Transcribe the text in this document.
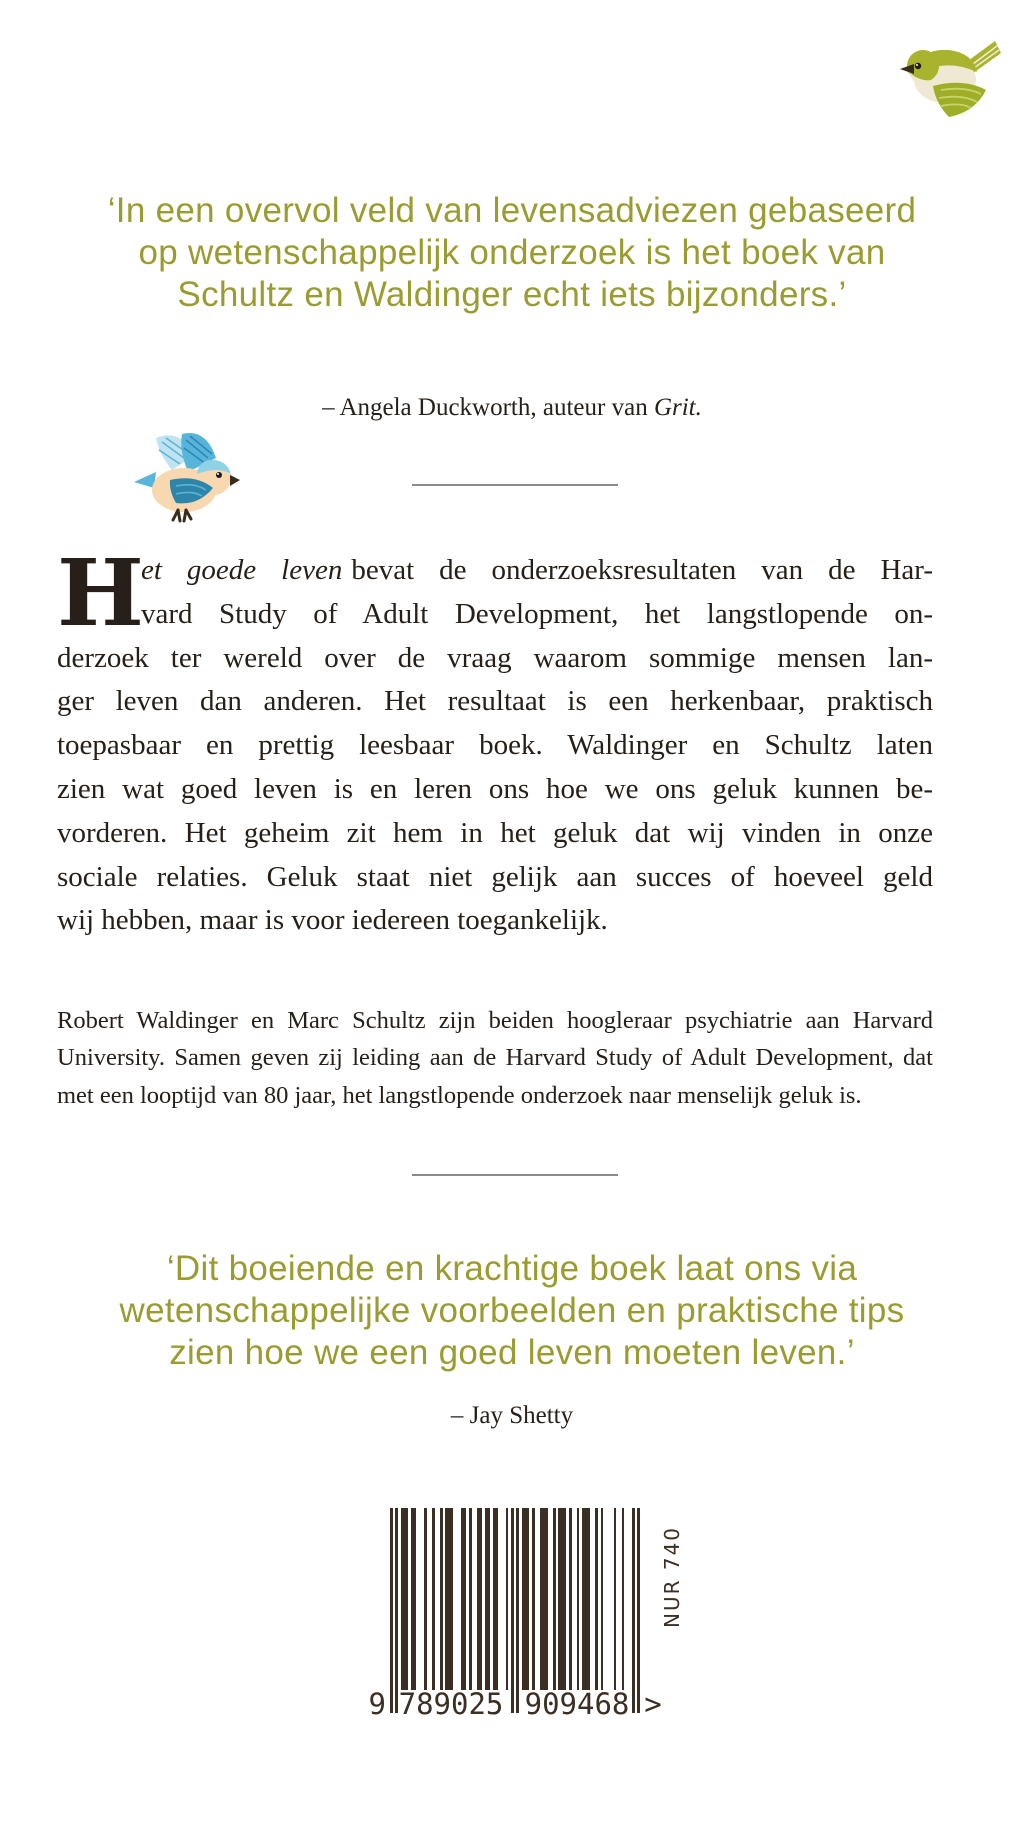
‘In een overvol veld van levensadviezen gebaseerd
op wetenschappelijk onderzoek is het boek van
Schultz en Waldinger echt iets bijzonders.’
– Angela Duckworth, auteur van Grit.
H
et goede leven bevat de onderzoeksresultaten van de Har-
vard Study of Adult Development, het langstlopende on-
derzoek ter wereld over de vraag waarom sommige mensen lan-
ger leven dan anderen. Het resultaat is een herkenbaar, praktisch
toepasbaar en prettig leesbaar boek. Waldinger en Schultz laten
zien wat goed leven is en leren ons hoe we ons geluk kunnen be-
vorderen. Het geheim zit hem in het geluk dat wij vinden in onze
sociale relaties. Geluk staat niet gelijk aan succes of hoeveel geld
wij hebben, maar is voor iedereen toegankelijk.
Robert Waldinger en Marc Schultz zijn beiden hoogleraar psychiatrie aan Harvard
University. Samen geven zij leiding aan de Harvard Study of Adult Development, dat
met een looptijd van 80 jaar, het langstlopende onderzoek naar menselijk geluk is.
‘Dit boeiende en krachtige boek laat ons via
wetenschappelijke voorbeelden en praktische tips
zien hoe we een goed leven moeten leven.’
– Jay Shetty
9 789025 909468 >
NUR 740
